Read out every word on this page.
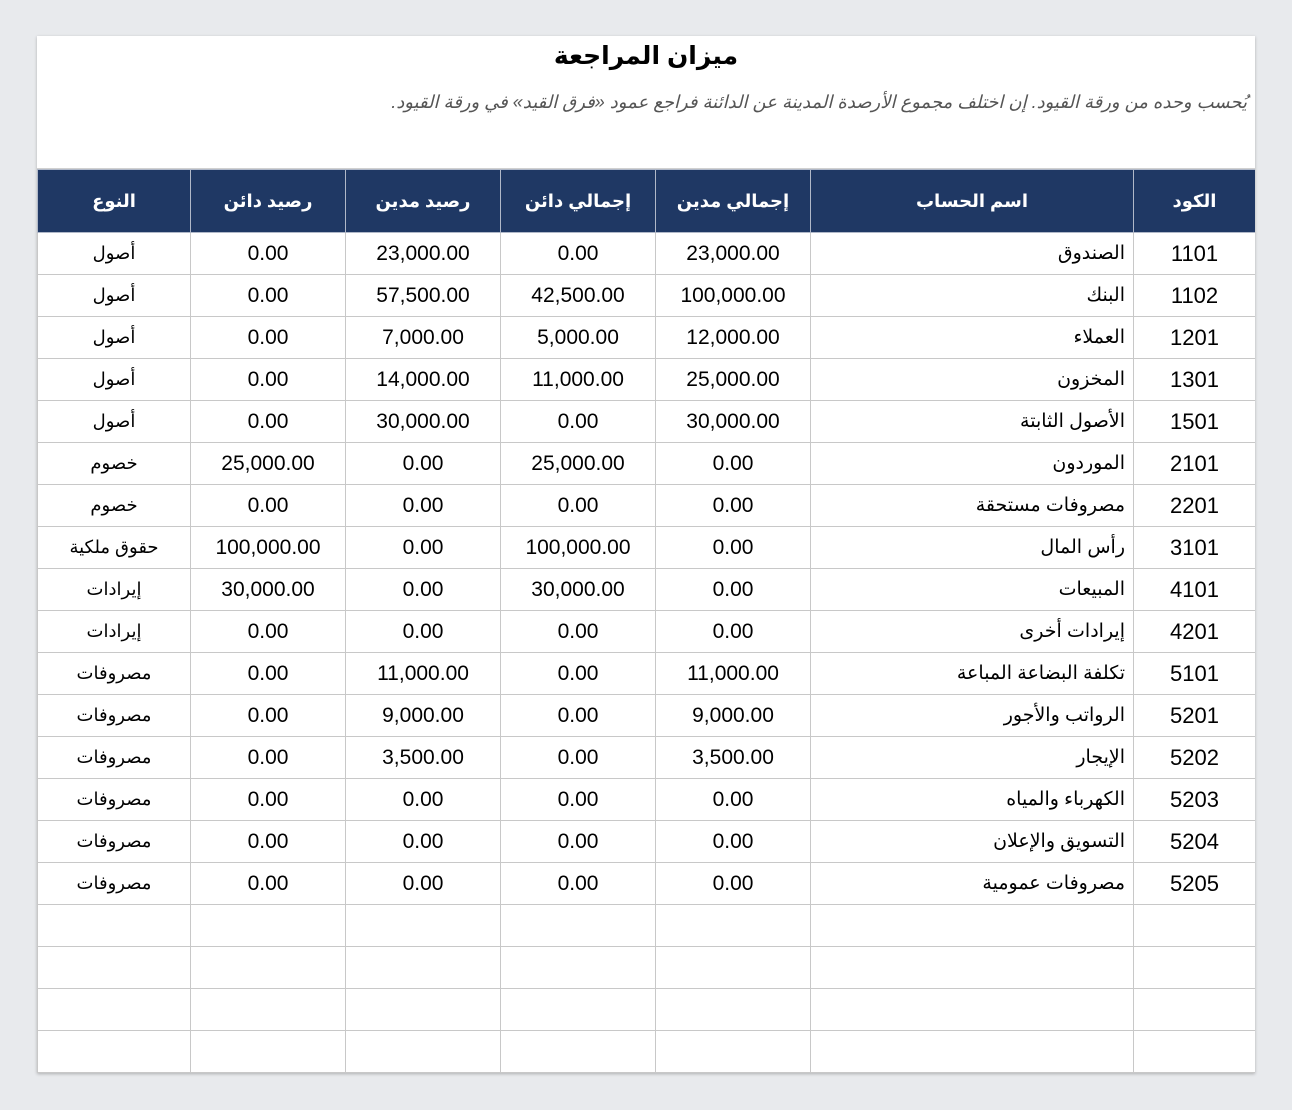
ميزان المراجعة
يُحسب وحده من ورقة القيود. إن اختلف مجموع الأرصدة المدينة عن الدائنة فراجع عمود «فرق القيد» في ورقة القيود.
الكود	اسم الحساب	إجمالي مدين	إجمالي دائن	رصيد مدين	رصيد دائن	النوع
1101	الصندوق	23,000.00	0.00	23,000.00	0.00	أصول
1102	البنك	100,000.00	42,500.00	57,500.00	0.00	أصول
1201	العملاء	12,000.00	5,000.00	7,000.00	0.00	أصول
1301	المخزون	25,000.00	11,000.00	14,000.00	0.00	أصول
1501	الأصول الثابتة	30,000.00	0.00	30,000.00	0.00	أصول
2101	الموردون	0.00	25,000.00	0.00	25,000.00	خصوم
2201	مصروفات مستحقة	0.00	0.00	0.00	0.00	خصوم
3101	رأس المال	0.00	100,000.00	0.00	100,000.00	حقوق ملكية
4101	المبيعات	0.00	30,000.00	0.00	30,000.00	إيرادات
4201	إيرادات أخرى	0.00	0.00	0.00	0.00	إيرادات
5101	تكلفة البضاعة المباعة	11,000.00	0.00	11,000.00	0.00	مصروفات
5201	الرواتب والأجور	9,000.00	0.00	9,000.00	0.00	مصروفات
5202	الإيجار	3,500.00	0.00	3,500.00	0.00	مصروفات
5203	الكهرباء والمياه	0.00	0.00	0.00	0.00	مصروفات
5204	التسويق والإعلان	0.00	0.00	0.00	0.00	مصروفات
5205	مصروفات عمومية	0.00	0.00	0.00	0.00	مصروفات
